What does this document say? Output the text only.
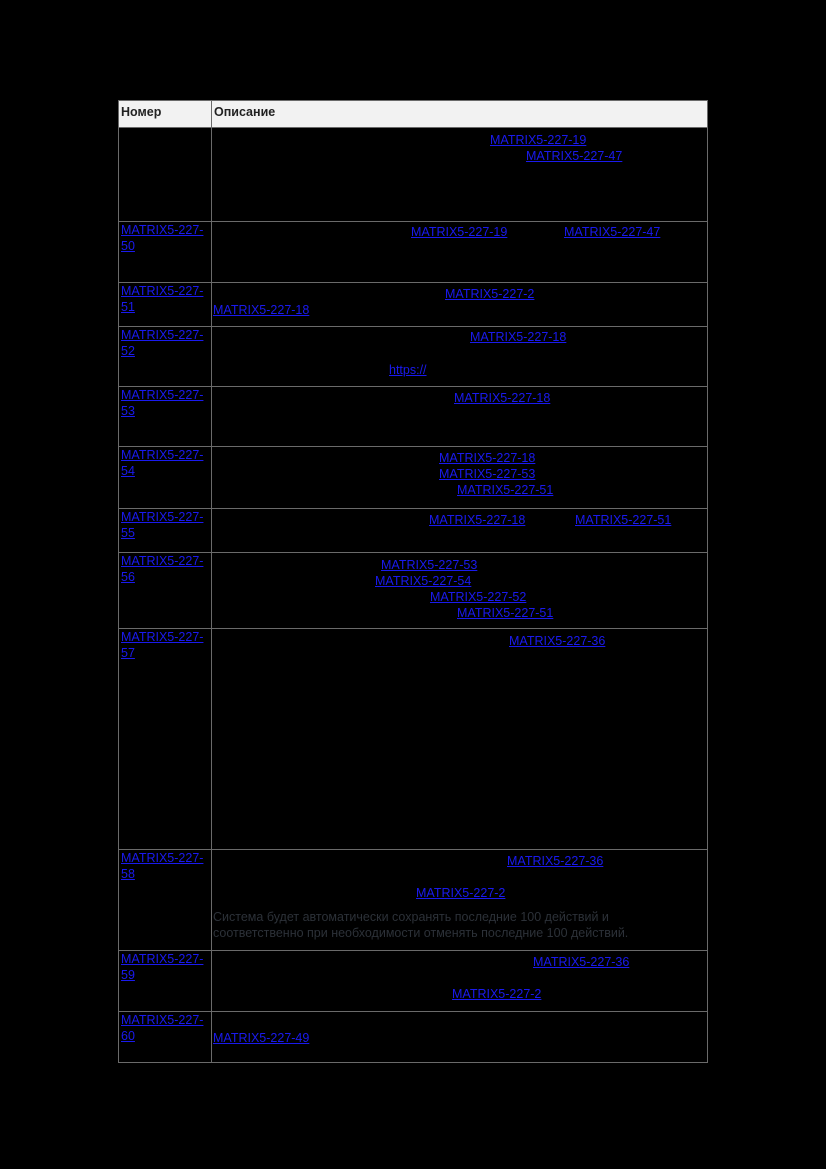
Номер	Описание

	MATRIX5-227-19
MATRIX5-227-47

MATRIX5-227-50	MATRIX5-227-19 MATRIX5-227-47

MATRIX5-227-51	MATRIX5-227-2
MATRIX5-227-18

MATRIX5-227-52	MATRIX5-227-18
https://

MATRIX5-227-53	MATRIX5-227-18

MATRIX5-227-54	MATRIX5-227-18
MATRIX5-227-53
MATRIX5-227-51

MATRIX5-227-55	MATRIX5-227-18 MATRIX5-227-51

MATRIX5-227-56	MATRIX5-227-53
MATRIX5-227-54
MATRIX5-227-52
MATRIX5-227-51

MATRIX5-227-57	MATRIX5-227-36

MATRIX5-227-58	MATRIX5-227-36
MATRIX5-227-2
Система будет автоматически сохранять последние 100 действий и
соответственно при необходимости отменять последние 100 действий.

MATRIX5-227-59	MATRIX5-227-36
MATRIX5-227-2

MATRIX5-227-60	MATRIX5-227-49
